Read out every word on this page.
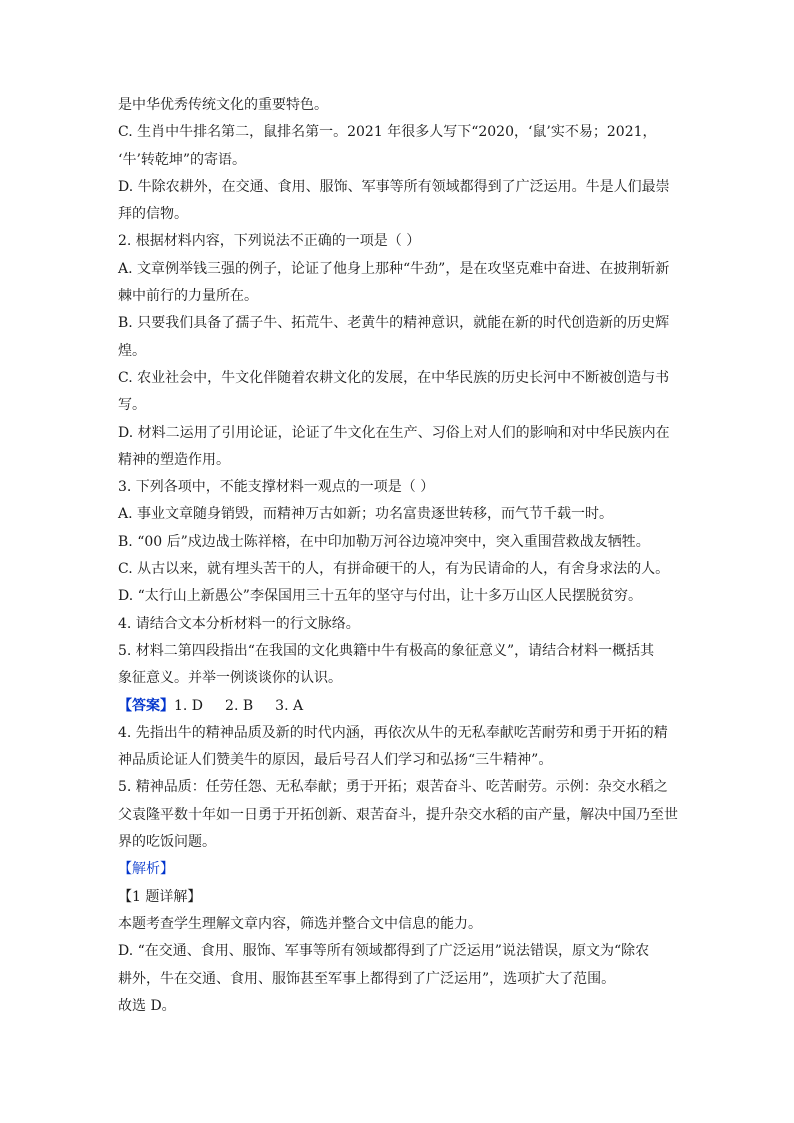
是中华优秀传统文化的重要特色。
C. 生肖中牛排名第二，鼠排名第一。2021 年很多人写下“2020，‘鼠’实不易；2021，
‘牛’转乾坤”的寄语。
D. 牛除农耕外，在交通、食用、服饰、军事等所有领域都得到了广泛运用。牛是人们最崇
拜的信物。
2. 根据材料内容，下列说法不正确的一项是（ ）
A. 文章例举钱三强的例子，论证了他身上那种“牛劲”，是在攻坚克难中奋进、在披荆斩新
棘中前行的力量所在。
B. 只要我们具备了孺子牛、拓荒牛、老黄牛的精神意识，就能在新的时代创造新的历史辉
煌。
C. 农业社会中，牛文化伴随着农耕文化的发展，在中华民族的历史长河中不断被创造与书
写。
D. 材料二运用了引用论证，论证了牛文化在生产、习俗上对人们的影响和对中华民族内在
精神的塑造作用。
3. 下列各项中，不能支撑材料一观点的一项是（ ）
A. 事业文章随身销毁，而精神万古如新；功名富贵逐世转移，而气节千载一时。
B. “00 后”戍边战士陈祥榕，在中印加勒万河谷边境冲突中，突入重围营救战友牺牲。
C. 从古以来，就有埋头苦干的人，有拼命硬干的人，有为民请命的人，有舍身求法的人。
D. “太行山上新愚公”李保国用三十五年的坚守与付出，让十多万山区人民摆脱贫穷。
4. 请结合文本分析材料一的行文脉络。
5. 材料二第四段指出“在我国的文化典籍中牛有极高的象征意义”，请结合材料一概括其
象征意义。并举一例谈谈你的认识。
【答案】1. D 2. B 3. A
4. 先指出牛的精神品质及新的时代内涵，再依次从牛的无私奉献吃苦耐劳和勇于开拓的精
神品质论证人们赞美牛的原因，最后号召人们学习和弘扬“三牛精神”。
5. 精神品质：任劳任怨、无私奉献；勇于开拓；艰苦奋斗、吃苦耐劳。示例：杂交水稻之
父袁隆平数十年如一日勇于开拓创新、艰苦奋斗，提升杂交水稻的亩产量，解决中国乃至世
界的吃饭问题。
【解析】
【1 题详解】
本题考查学生理解文章内容，筛选并整合文中信息的能力。
D. “在交通、食用、服饰、军事等所有领域都得到了广泛运用”说法错误，原文为“除农
耕外，牛在交通、食用、服饰甚至军事上都得到了广泛运用”，选项扩大了范围。
故选 D。
